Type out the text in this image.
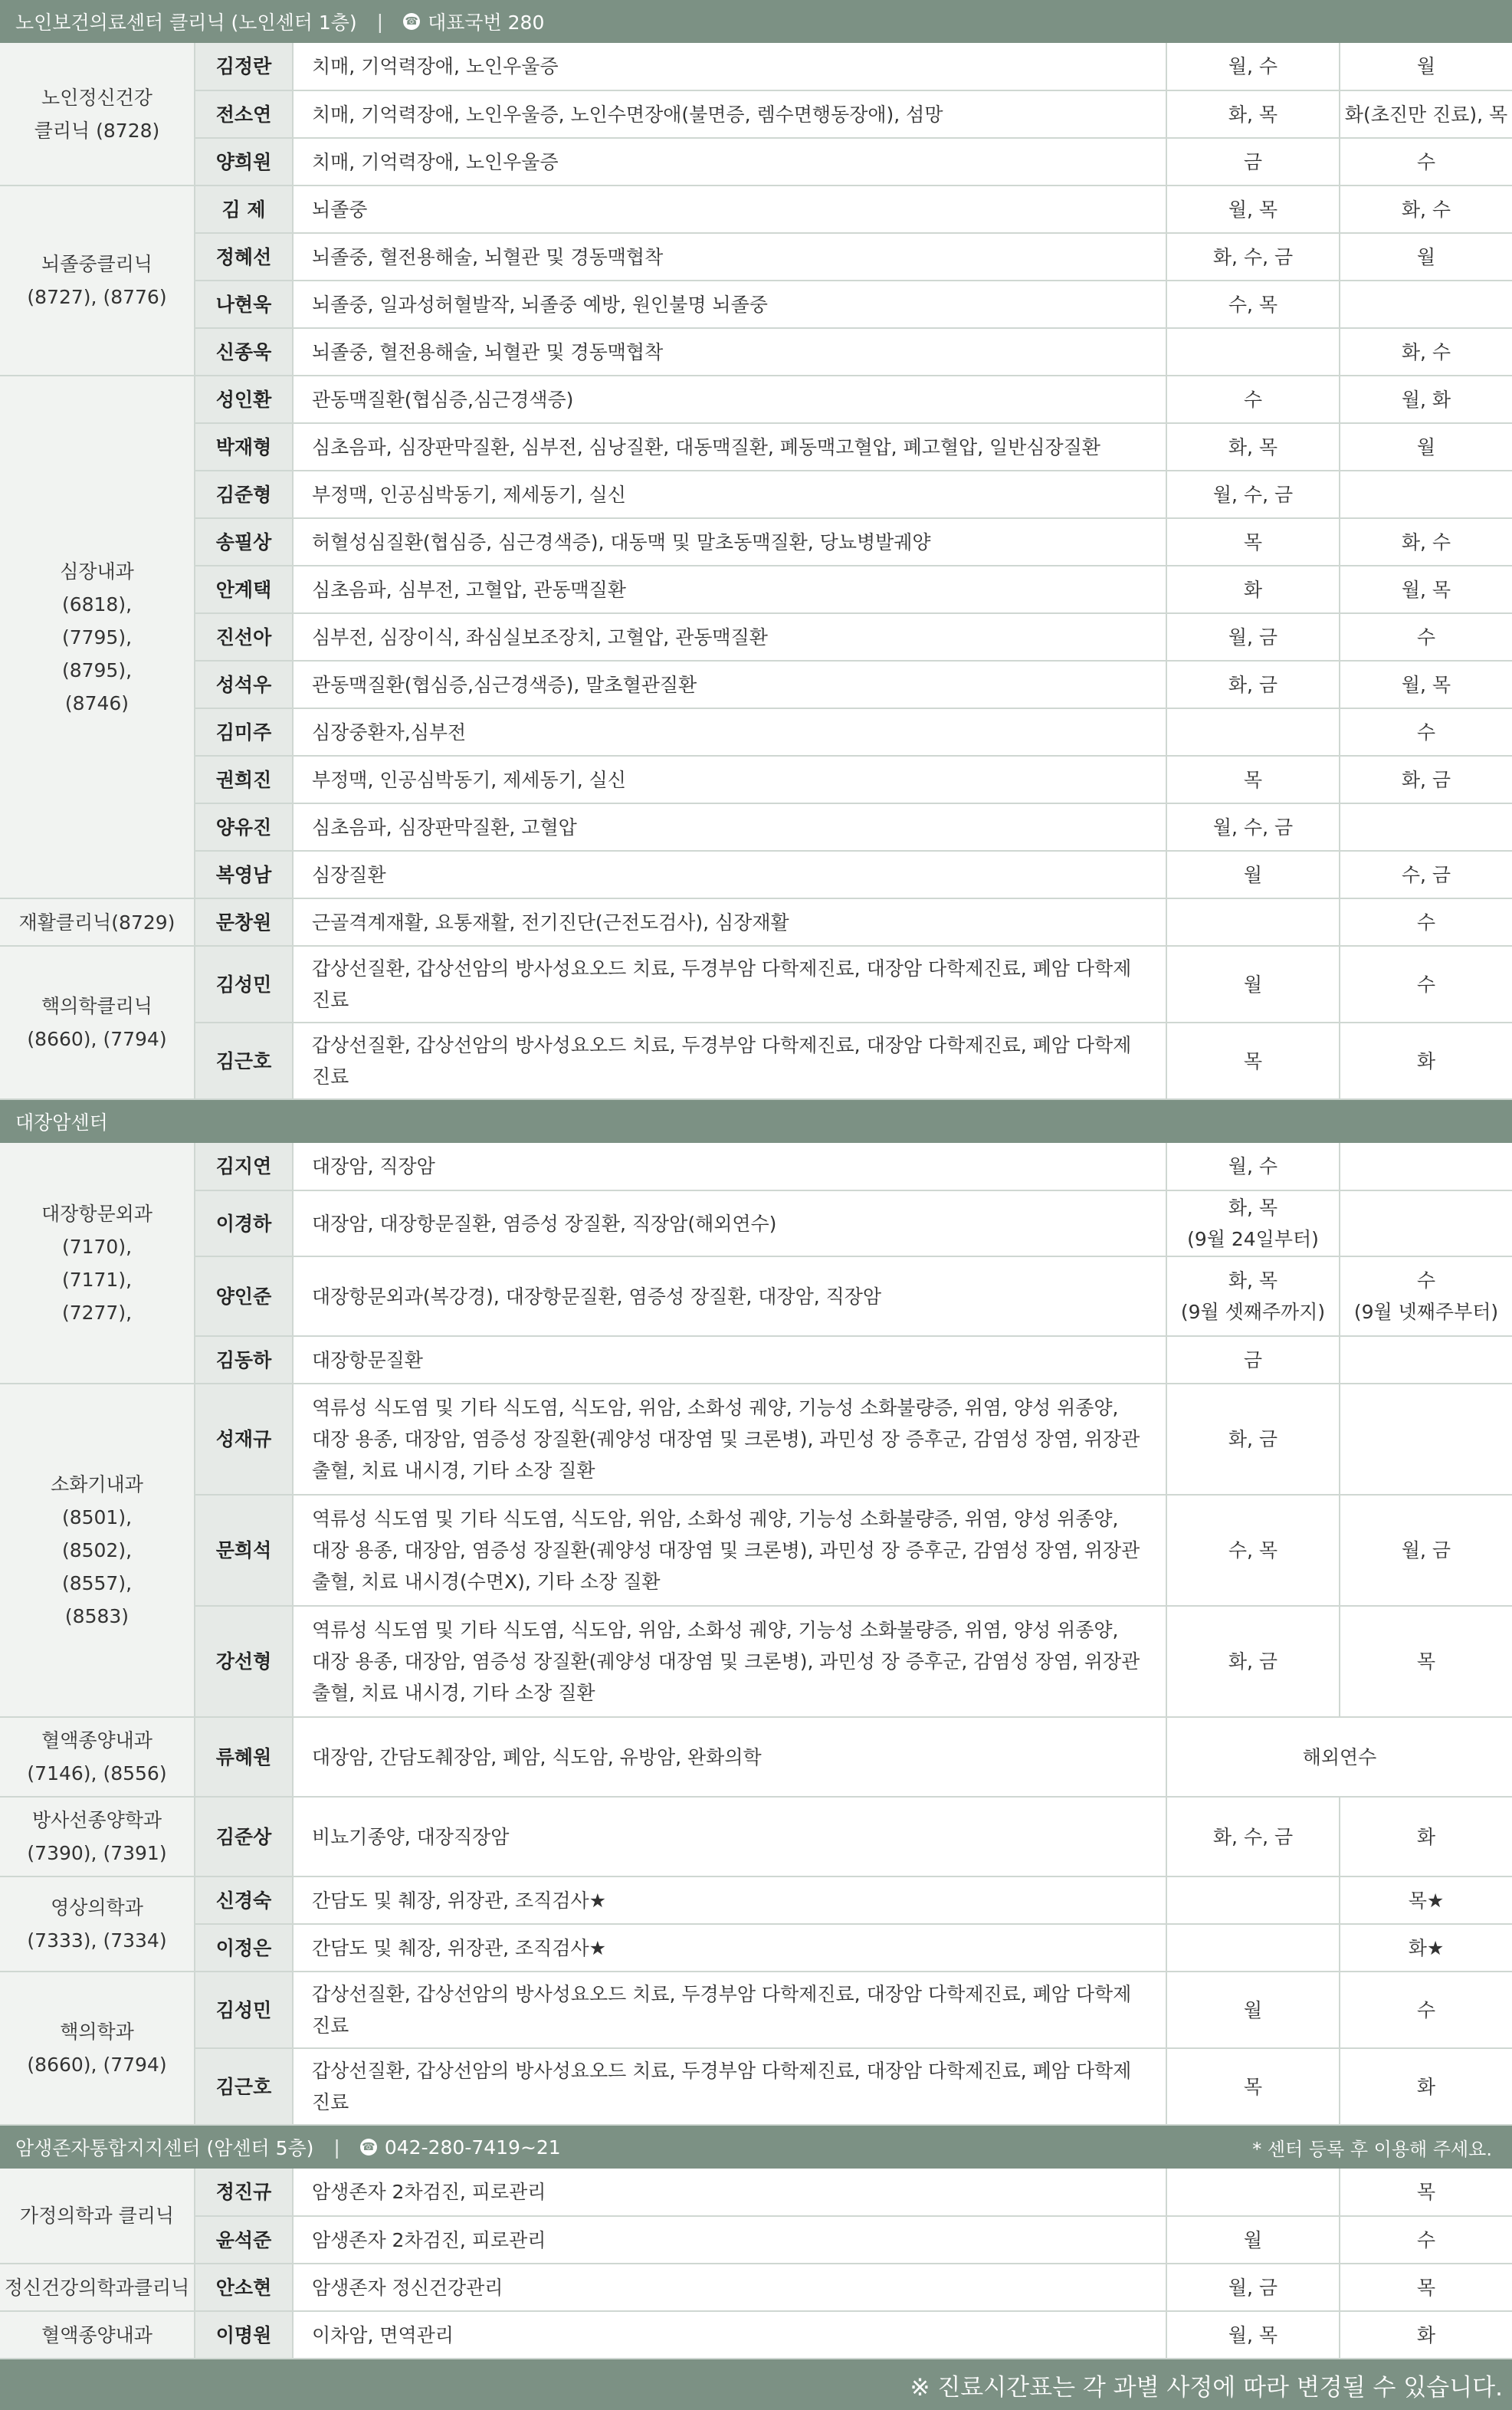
노인보건의료센터 클리닉 (노인센터 1층) | ☎ 대표국번 280
노인정신건강
클리닉 (8728)	김정란	치매, 기억력장애, 노인우울증	월, 수	월

	전소연	치매, 기억력장애, 노인우울증, 노인수면장애(불면증, 렘수면행동장애), 섬망	화, 목	화(초진만 진료), 목

	양희원	치매, 기억력장애, 노인우울증	금	수

뇌졸중클리닉
(8727), (8776)	김 제	뇌졸중	월, 목	화, 수

	정혜선	뇌졸중, 혈전용해술, 뇌혈관 및 경동맥협착	화, 수, 금	월

	나현욱	뇌졸중, 일과성허혈발작, 뇌졸중 예방, 원인불명 뇌졸중	수, 목	

	신종욱	뇌졸중, 혈전용해술, 뇌혈관 및 경동맥협착		화, 수

심장내과
(6818),
(7795),
(8795),
(8746)	성인환	관동맥질환(협심증,심근경색증)	수	월, 화

	박재형	심초음파, 심장판막질환, 심부전, 심낭질환, 대동맥질환, 폐동맥고혈압, 폐고혈압, 일반심장질환	화, 목	월

	김준형	부정맥, 인공심박동기, 제세동기, 실신	월, 수, 금	

	송필상	허혈성심질환(협심증, 심근경색증), 대동맥 및 말초동맥질환, 당뇨병발궤양	목	화, 수

	안계택	심초음파, 심부전, 고혈압, 관동맥질환	화	월, 목

	진선아	심부전, 심장이식, 좌심실보조장치, 고혈압, 관동맥질환	월, 금	수

	성석우	관동맥질환(협심증,심근경색증), 말초혈관질환	화, 금	월, 목

	김미주	심장중환자,심부전		수

	권희진	부정맥, 인공심박동기, 제세동기, 실신	목	화, 금

	양유진	심초음파, 심장판막질환, 고혈압	월, 수, 금	

	복영남	심장질환	월	수, 금

재활클리닉(8729)	문창원	근골격계재활, 요통재활, 전기진단(근전도검사), 심장재활		수

핵의학클리닉
(8660), (7794)	김성민	갑상선질환, 갑상선암의 방사성요오드 치료, 두경부암 다학제진료, 대장암 다학제진료, 폐암 다학제진료	월	수

	김근호	갑상선질환, 갑상선암의 방사성요오드 치료, 두경부암 다학제진료, 대장암 다학제진료, 폐암 다학제진료	목	화
대장암센터
대장항문외과
(7170),
(7171),
(7277),	김지연	대장암, 직장암	월, 수	

	이경하	대장암, 대장항문질환, 염증성 장질환, 직장암(해외연수)	화, 목
(9월 24일부터)	

	양인준	대장항문외과(복강경), 대장항문질환, 염증성 장질환, 대장암, 직장암	화, 목
(9월 셋째주까지)	수
(9월 넷째주부터)

	김동하	대장항문질환	금	

소화기내과
(8501),
(8502),
(8557),
(8583)	성재규	역류성 식도염 및 기타 식도염, 식도암, 위암, 소화성 궤양, 기능성 소화불량증, 위염, 양성 위종양,
대장 용종, 대장암, 염증성 장질환(궤양성 대장염 및 크론병), 과민성 장 증후군, 감염성 장염, 위장관
출혈, 치료 내시경, 기타 소장 질환	화, 금	

	문희석	역류성 식도염 및 기타 식도염, 식도암, 위암, 소화성 궤양, 기능성 소화불량증, 위염, 양성 위종양,
대장 용종, 대장암, 염증성 장질환(궤양성 대장염 및 크론병), 과민성 장 증후군, 감염성 장염, 위장관
출혈, 치료 내시경(수면X), 기타 소장 질환	수, 목	월, 금

	강선형	역류성 식도염 및 기타 식도염, 식도암, 위암, 소화성 궤양, 기능성 소화불량증, 위염, 양성 위종양,
대장 용종, 대장암, 염증성 장질환(궤양성 대장염 및 크론병), 과민성 장 증후군, 감염성 장염, 위장관
출혈, 치료 내시경, 기타 소장 질환	화, 금	목

혈액종양내과
(7146), (8556)	류혜원	대장암, 간담도췌장암, 폐암, 식도암, 유방암, 완화의학	해외연수	

방사선종양학과
(7390), (7391)	김준상	비뇨기종양, 대장직장암	화, 수, 금	화

영상의학과
(7333), (7334)	신경숙	간담도 및 췌장, 위장관, 조직검사★		목★

	이정은	간담도 및 췌장, 위장관, 조직검사★		화★

핵의학과
(8660), (7794)	김성민	갑상선질환, 갑상선암의 방사성요오드 치료, 두경부암 다학제진료, 대장암 다학제진료, 폐암 다학제 진료	월	수

	김근호	갑상선질환, 갑상선암의 방사성요오드 치료, 두경부암 다학제진료, 대장암 다학제진료, 폐암 다학제 진료	목	화
암생존자통합지지센터 (암센터 5층) | ☎ 042-280-7419~21	* 센터 등록 후 이용해 주세요.
가정의학과 클리닉	정진규	암생존자 2차검진, 피로관리		목

	윤석준	암생존자 2차검진, 피로관리	월	수

정신건강의학과클리닉	안소현	암생존자 정신건강관리	월, 금	목

혈액종양내과	이명원	이차암, 면역관리	월, 목	화
※ 진료시간표는 각 과별 사정에 따라 변경될 수 있습니다.
